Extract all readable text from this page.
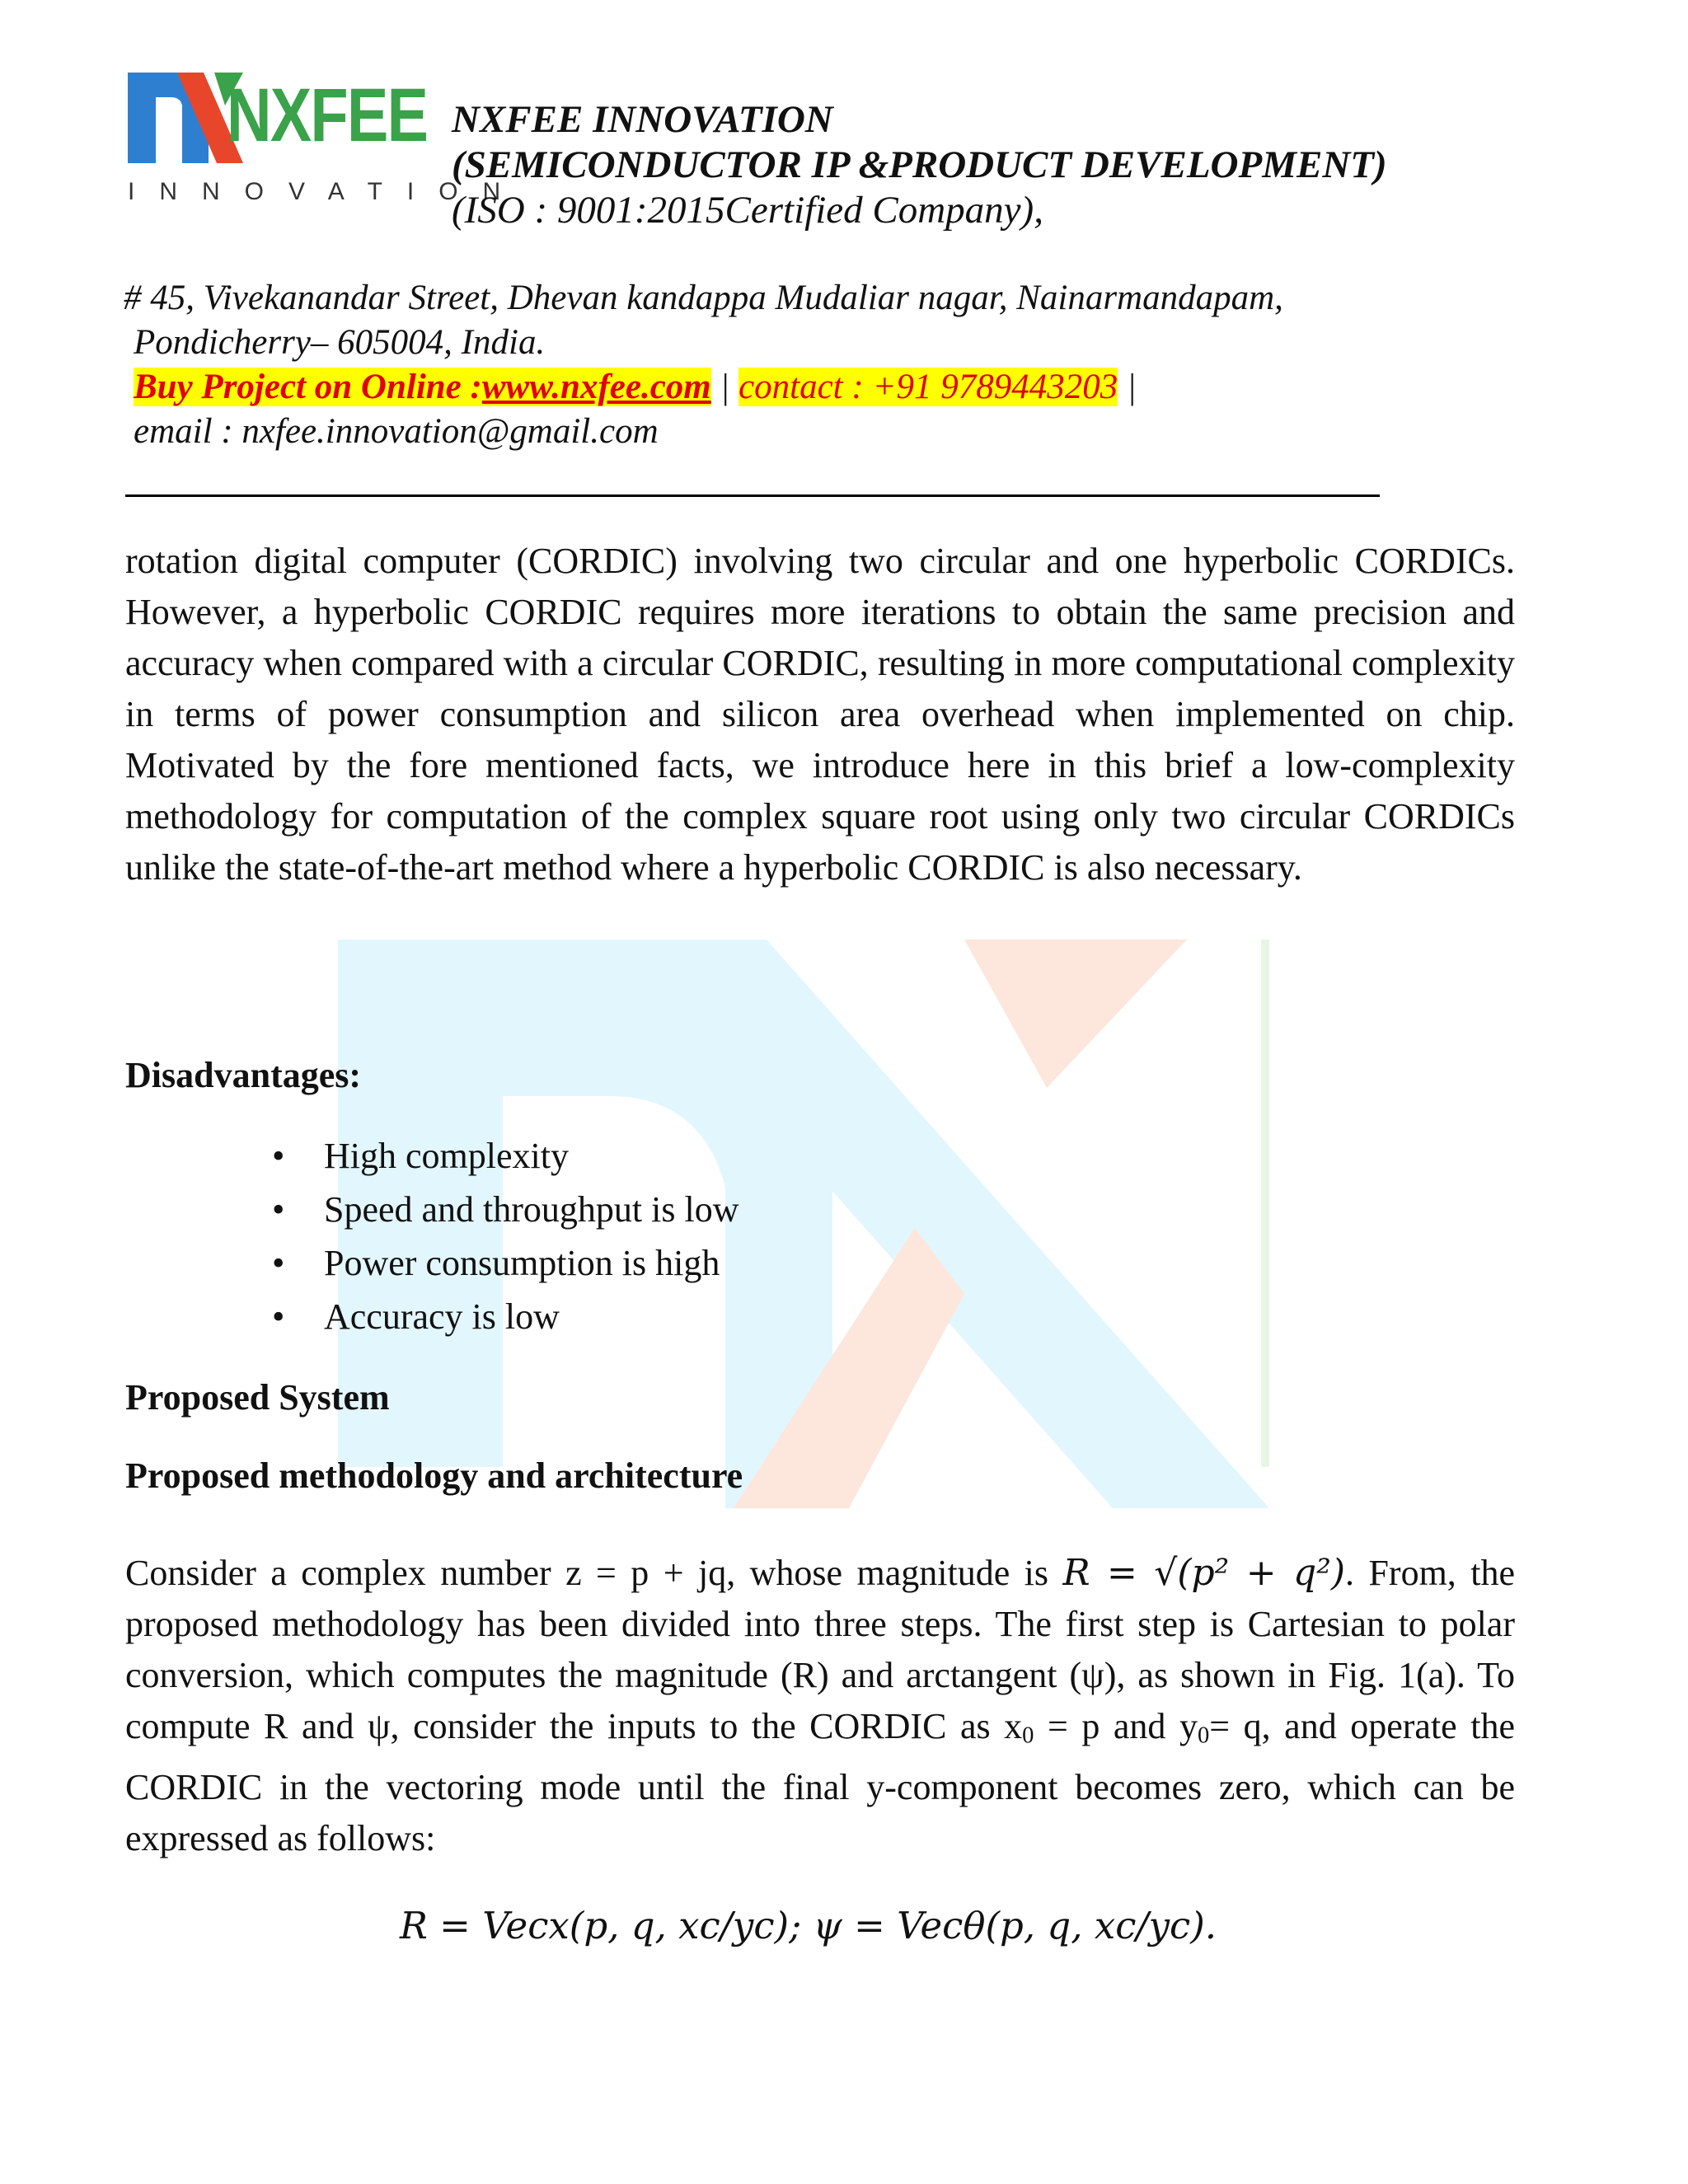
NXFEE
INNOVATION
NXFEE INNOVATION
(SEMICONDUCTOR IP &PRODUCT DEVELOPMENT)
(ISO : 9001:2015Certified Company),
# 45, Vivekanandar Street, Dhevan kandappa Mudaliar nagar, Nainarmandapam,
Pondicherry– 605004, India.
Buy Project on Online :www.nxfee.com | contact : +91 9789443203 |
email : nxfee.innovation@gmail.com
rotation digital computer (CORDIC) involving two circular and one hyperbolic CORDICs. However, a hyperbolic CORDIC requires more iterations to obtain the same precision and accuracy when compared with a circular CORDIC, resulting in more computational complexity in terms of power consumption and silicon area overhead when implemented on chip. Motivated by the fore mentioned facts, we introduce here in this brief a low-complexity methodology for computation of the complex square root using only two circular CORDICs unlike the state-of-the-art method where a hyperbolic CORDIC is also necessary.
Disadvantages:
• High complexity
• Speed and throughput is low
• Power consumption is high
• Accuracy is low
Proposed System
Proposed methodology and architecture
Consider a complex number z = p + jq, whose magnitude is R = √(p² + q²). From, the proposed methodology has been divided into three steps. The first step is Cartesian to polar conversion, which computes the magnitude (R) and arctangent (ψ), as shown in Fig. 1(a). To compute R and ψ, consider the inputs to the CORDIC as $x_0 = p$ and $y_0= q$, and operate the CORDIC in the vectoring mode until the final y-component becomes zero, which can be expressed as follows:
R = Vecx(p, q, xc/yc); ψ = Vecθ(p, q, xc/yc).
